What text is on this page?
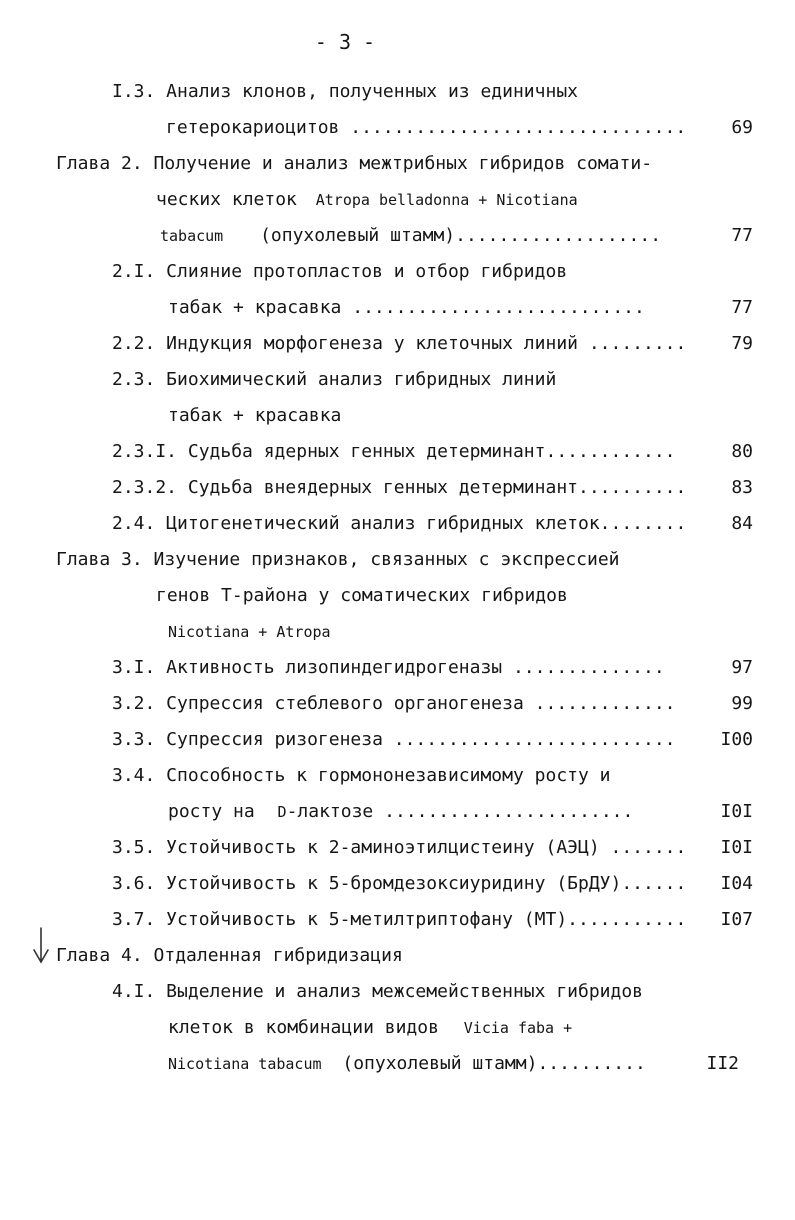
- 3 -
I.3. Анализ клонов, полученных из единичных
гетерокариоцитов ...............................	69
Глава 2. Получение и анализ межтрибных гибридов сомати-
ческих клеток Atropa belladonna + Nicotiana
tabacum (опухолевый штамм)...................	77
2.I. Слияние протопластов и отбор гибридов
табак + красавка ...........................	77
2.2. Индукция морфогенеза у клеточных линий ......... 79
2.3. Биохимический анализ гибридных линий
табак + красавка
2.3.I. Судьба ядерных генных детерминант............	80
2.3.2. Судьба внеядерных генных детерминант.......... 83
2.4. Цитогенетический анализ гибридных клеток........ 84
Глава 3. Изучение признаков, связанных с экспрессией
генов Т-района у соматических гибридов
Nicotiana + Atropa
3.I. Активность лизопиндегидрогеназы ..............	97
3.2. Супрессия стеблевого органогенеза .............	99
3.3. Супрессия ризогенеза .......................... I00
3.4. Способность к гормононезависимому росту и
росту на D-лактозе .......................	I0I
3.5. Устойчивость к 2-аминоэтилцистеину (АЭЦ) ....... I0I
3.6. Устойчивость к 5-бромдезоксиуридину (БрДУ)...... I04
3.7. Устойчивость к 5-метилтриптофану (МТ)........... I07
Глава 4. Отдаленная гибридизация
4.I. Выделение и анализ межсемейственных гибридов
клеток в комбинации видов Vicia faba +
Nicotiana tabacum (опухолевый штамм)..........	II2
